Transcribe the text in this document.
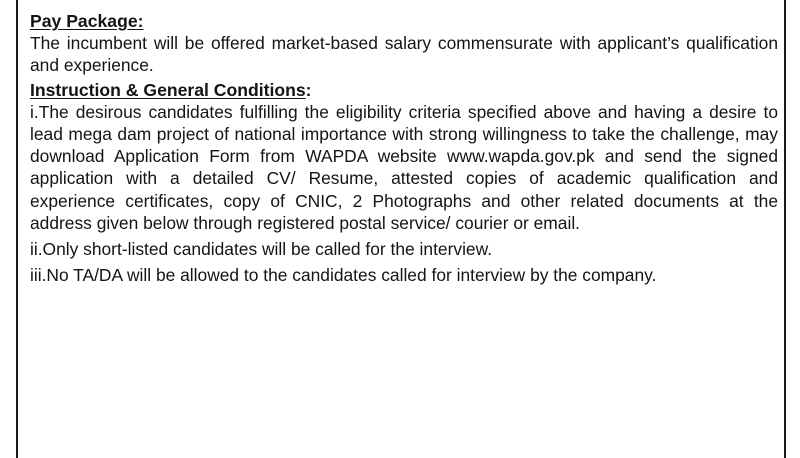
Pay Package:

The incumbent will be offered market-based salary commensurate with applicant’s qualification and experience.

Instruction & General Conditions:

i.The desirous candidates fulfilling the eligibility criteria specified above and having a desire to lead mega dam project of national importance with strong willingness to take the challenge, may download Application Form from WAPDA website www.wapda.gov.pk and send the signed application with a detailed CV/ Resume, attested copies of academic qualification and experience certificates, copy of CNIC, 2 Photographs and other related documents at the address given below through registered postal service/ courier or email.

ii.Only short-listed candidates will be called for the interview.

iii.No TA/DA will be allowed to the candidates called for interview by the company.
